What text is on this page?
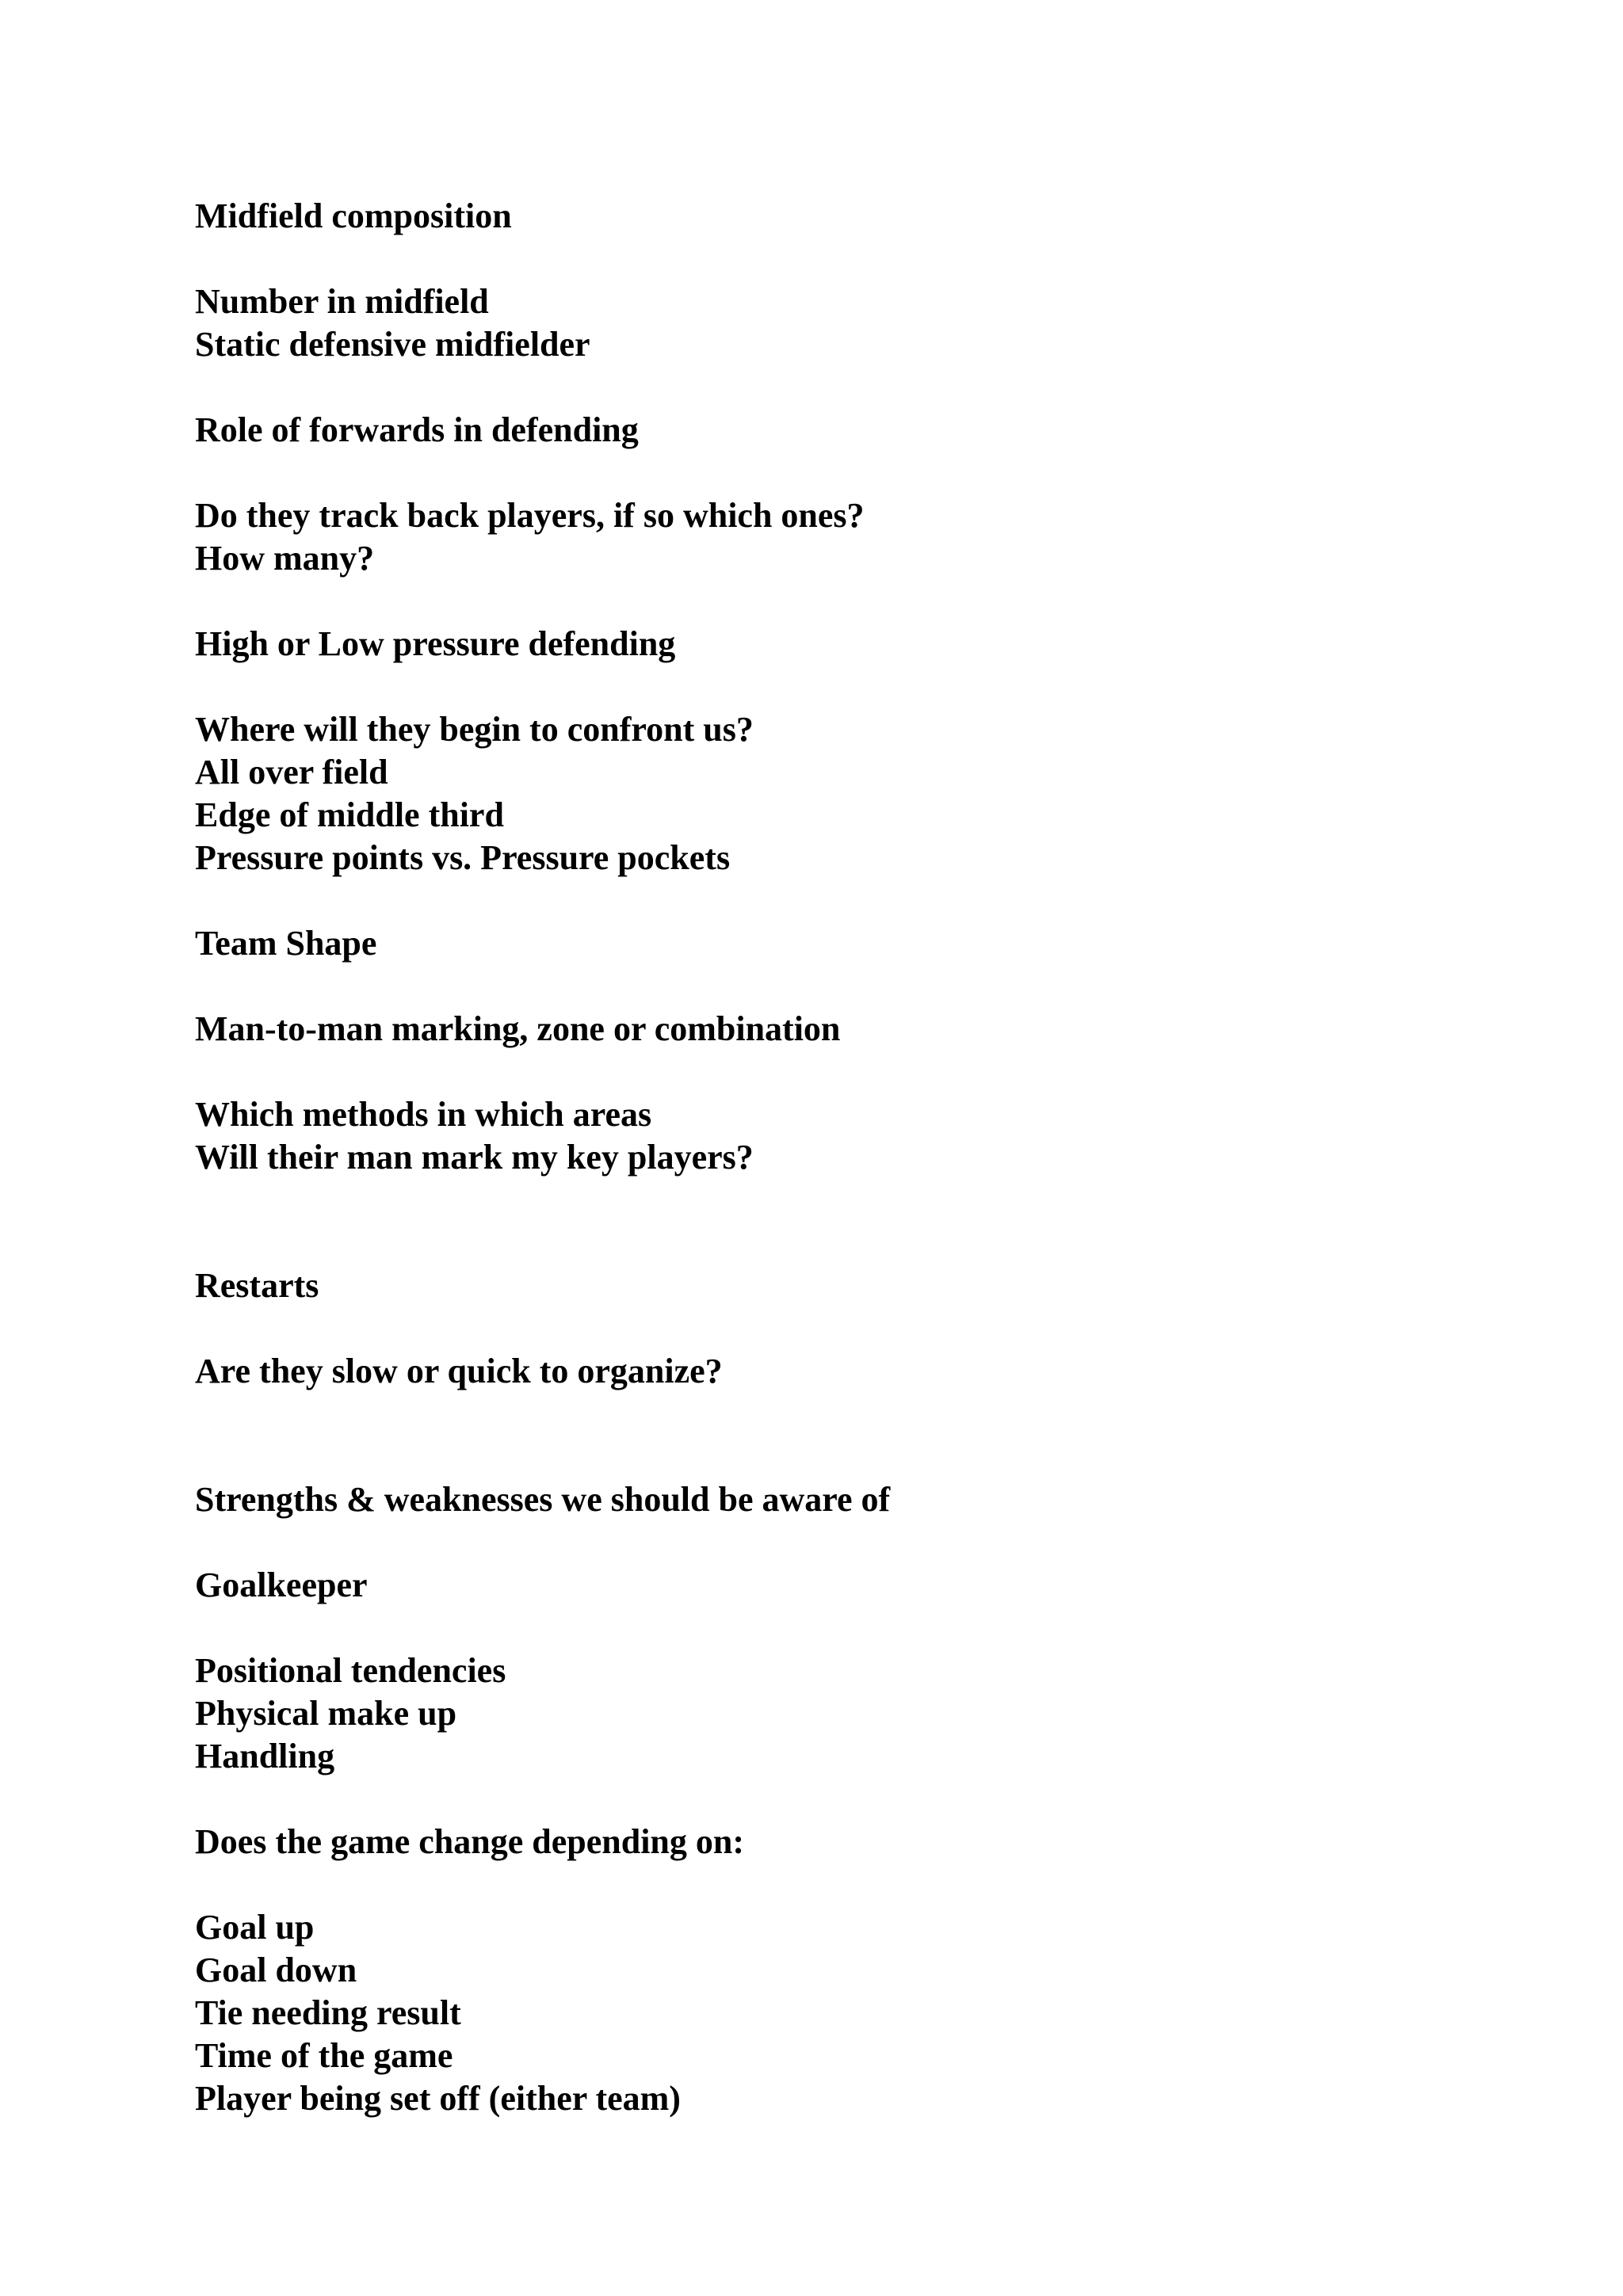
Midfield composition
Number in midfield
Static defensive midfielder
Role of forwards in defending
Do they track back players, if so which ones?
How many?
High or Low pressure defending
Where will they begin to confront us?
All over field
Edge of middle third
Pressure points vs. Pressure pockets
Team Shape
Man-to-man marking, zone or combination
Which methods in which areas
Will their man mark my key players?
Restarts
Are they slow or quick to organize?
Strengths & weaknesses we should be aware of
Goalkeeper
Positional tendencies
Physical make up
Handling
Does the game change depending on:
Goal up
Goal down
Tie needing result
Time of the game
Player being set off (either team)
